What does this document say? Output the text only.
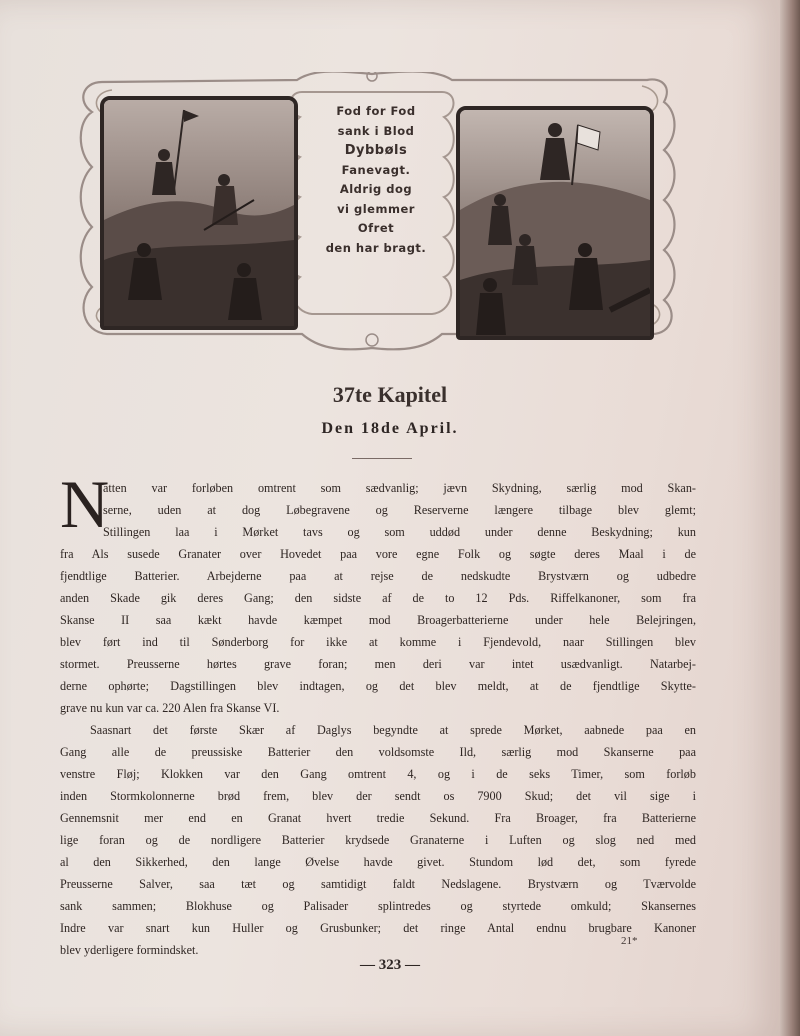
Fod for Fod
sank i Blod
Dybbøls
Fanevagt.
Aldrig dog
vi glemmer
Ofret
den har bragt.
37te Kapitel
Den 18de April.
N
atten var forløben omtrent som sædvanlig; jævn Skydning, særlig mod Skan-
serne, uden at dog Løbegravene og Reserverne længere tilbage blev glemt;
Stillingen laa i Mørket tavs og som uddød under denne Beskydning; kun
fra Als susede Granater over Hovedet paa vore egne Folk og søgte deres Maal i de
fjendtlige Batterier. Arbejderne paa at rejse de nedskudte Brystværn og udbedre
anden Skade gik deres Gang; den sidste af de to 12 Pds. Riffelkanoner, som fra
Skanse II saa kækt havde kæmpet mod Broagerbatterierne under hele Belejringen,
blev ført ind til Sønderborg for ikke at komme i Fjendevold, naar Stillingen blev
stormet. Preusserne hørtes grave foran; men deri var intet usædvanligt. Natarbej-
derne ophørte; Dagstillingen blev indtagen, og det blev meldt, at de fjendtlige Skytte-
grave nu kun var ca. 220 Alen fra Skanse VI.
Saasnart det første Skær af Daglys begyndte at sprede Mørket, aabnede paa en
Gang alle de preussiske Batterier den voldsomste Ild, særlig mod Skanserne paa
venstre Fløj; Klokken var den Gang omtrent 4, og i de seks Timer, som forløb
inden Stormkolonnerne brød frem, blev der sendt os 7900 Skud; det vil sige i
Gennemsnit mer end en Granat hvert tredie Sekund. Fra Broager, fra Batterierne
lige foran og de nordligere Batterier krydsede Granaterne i Luften og slog ned med
al den Sikkerhed, den lange Øvelse havde givet. Stundom lød det, som fyrede
Preusserne Salver, saa tæt og samtidigt faldt Nedslagene. Brystværn og Tværvolde
sank sammen; Blokhuse og Palisader splintredes og styrtede omkuld; Skansernes
Indre var snart kun Huller og Grusbunker; det ringe Antal endnu brugbare Kanoner
blev yderligere formindsket.
21*
— 323 —
